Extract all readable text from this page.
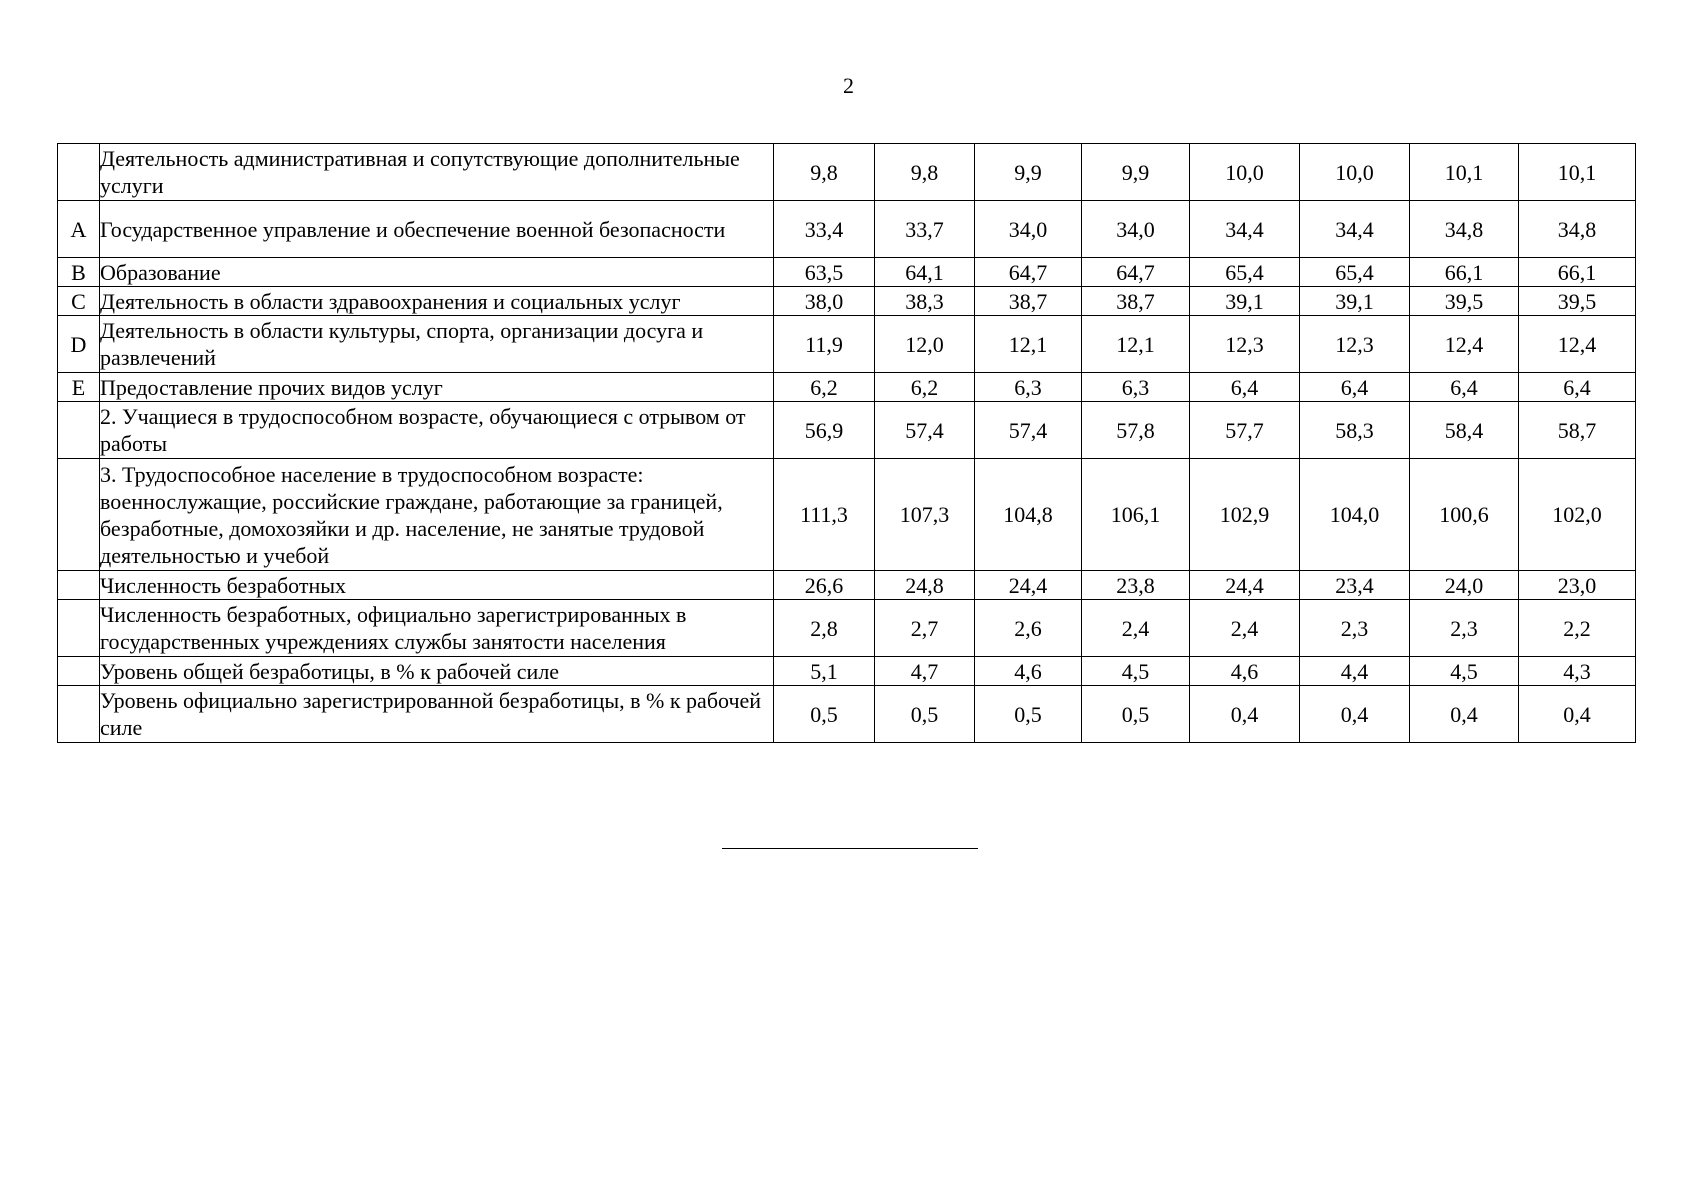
2
	Деятельность административная и сопутствующие дополнительные услуги	9,8	9,8	9,9	9,9	10,0	10,0	10,1	10,1
A	Государственное управление и обеспечение военной безопасности	33,4	33,7	34,0	34,0	34,4	34,4	34,8	34,8
B	Образование	63,5	64,1	64,7	64,7	65,4	65,4	66,1	66,1
C	Деятельность в области здравоохранения и социальных услуг	38,0	38,3	38,7	38,7	39,1	39,1	39,5	39,5
D	Деятельность в области культуры, спорта, организации досуга и развлечений	11,9	12,0	12,1	12,1	12,3	12,3	12,4	12,4
E	Предоставление прочих видов услуг	6,2	6,2	6,3	6,3	6,4	6,4	6,4	6,4
	2. Учащиеся в трудоспособном возрасте, обучающиеся с отрывом от работы	56,9	57,4	57,4	57,8	57,7	58,3	58,4	58,7
	3. Трудоспособное население в трудоспособном возрасте: военнослужащие, российские граждане, работающие за границей, безработные, домохозяйки и др. население, не занятые трудовой деятельностью и учебой	111,3	107,3	104,8	106,1	102,9	104,0	100,6	102,0
	Численность безработных	26,6	24,8	24,4	23,8	24,4	23,4	24,0	23,0
	Численность безработных, официально зарегистрированных в государственных учреждениях службы занятости населения	2,8	2,7	2,6	2,4	2,4	2,3	2,3	2,2
	Уровень общей безработицы, в % к рабочей силе	5,1	4,7	4,6	4,5	4,6	4,4	4,5	4,3
	Уровень официально зарегистрированной безработицы, в % к рабочей силе	0,5	0,5	0,5	0,5	0,4	0,4	0,4	0,4
